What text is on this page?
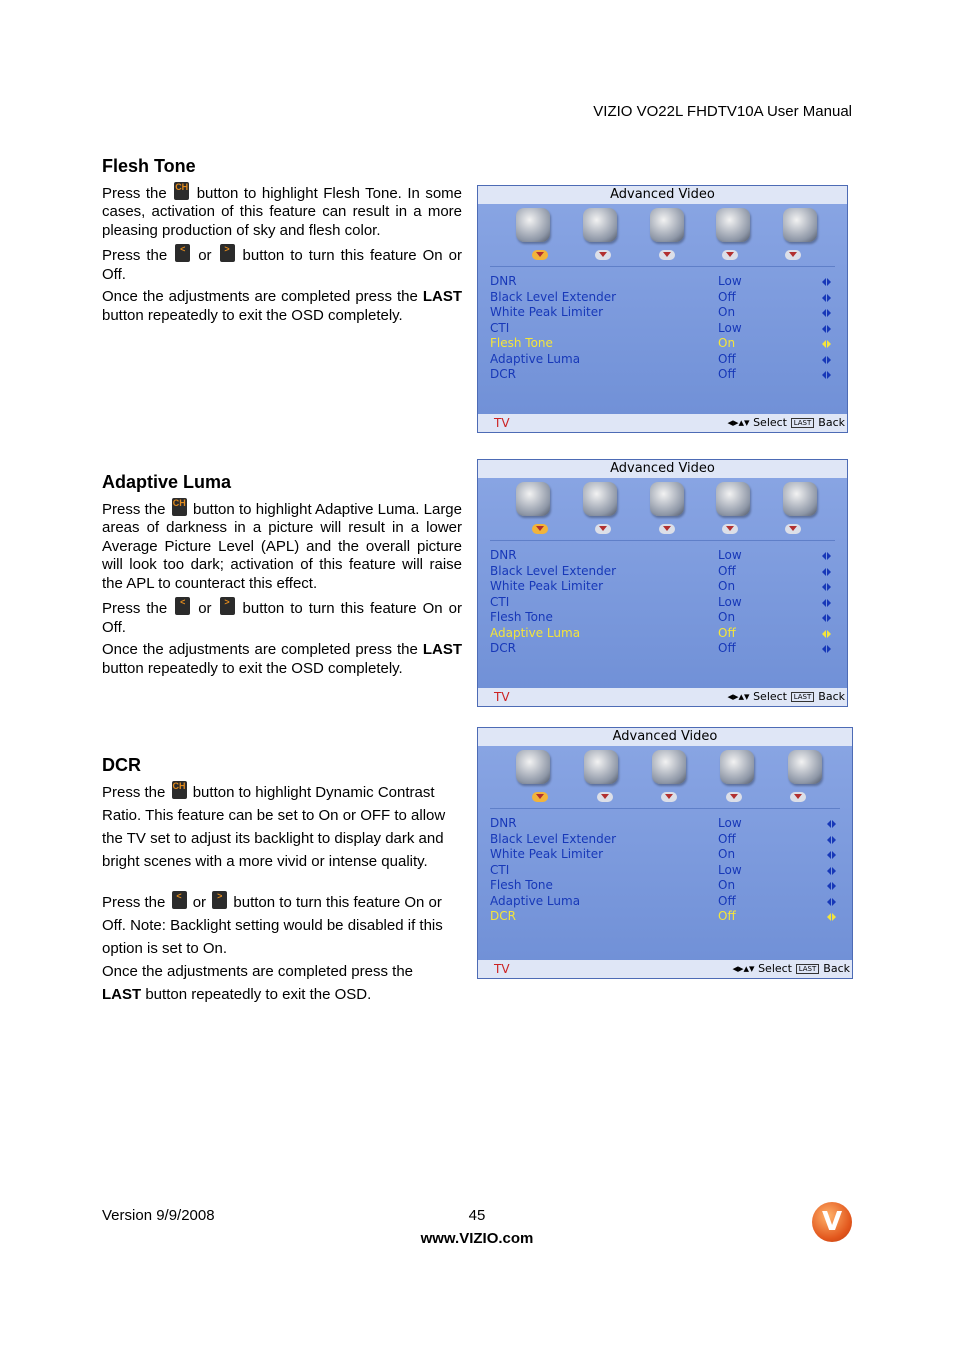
VIZIO VO22L FHDTV10A User Manual
Flesh Tone

Press the CH button to highlight Flesh Tone. In some cases, activation of this feature can result in a more pleasing production of sky and flesh color.

Press the	< or	> button to turn this feature On or Off.

Once the adjustments are completed press the LAST button repeatedly to exit the OSD completely.

Adaptive Luma

Press the CH button to highlight Adaptive Luma. Large areas of darkness in a picture will result in a lower Average Picture Level (APL) and the overall picture will look too dark; activation of this feature will raise the APL to counteract this effect.

Press the	< or	> button to turn this feature On or Off.

Once the adjustments are completed press the LAST button repeatedly to exit the OSD completely.

DCR

Press the CH button to highlight Dynamic Contrast Ratio. This feature can be set to On or OFF to allow the TV set to adjust its backlight to display dark and bright scenes with a more vivid or intense quality.

Press the	< or	> button to turn this feature On or Off. Note: Backlight setting would be disabled if this option is set to On.

Once the adjustments are completed press the LAST button repeatedly to exit the OSD.

Advanced Video
DNR	Low
Black Level Extender	Off
White Peak Limiter	On
CTI	Low
Flesh Tone	On
Adaptive Luma	Off
DCR	Off
TV	◂▸▴▾ Select LAST Back
Advanced Video
DNR	Low
Black Level Extender	Off
White Peak Limiter	On
CTI	Low
Flesh Tone	On
Adaptive Luma	Off
DCR	Off
TV	◂▸▴▾ Select LAST Back
Advanced Video
DNR	Low
Black Level Extender	Off
White Peak Limiter	On
CTI	Low
Flesh Tone	On
Adaptive Luma	Off
DCR	Off
TV	◂▸▴▾ Select LAST Back
Version 9/9/2008	45
www.VIZIO.com
V
